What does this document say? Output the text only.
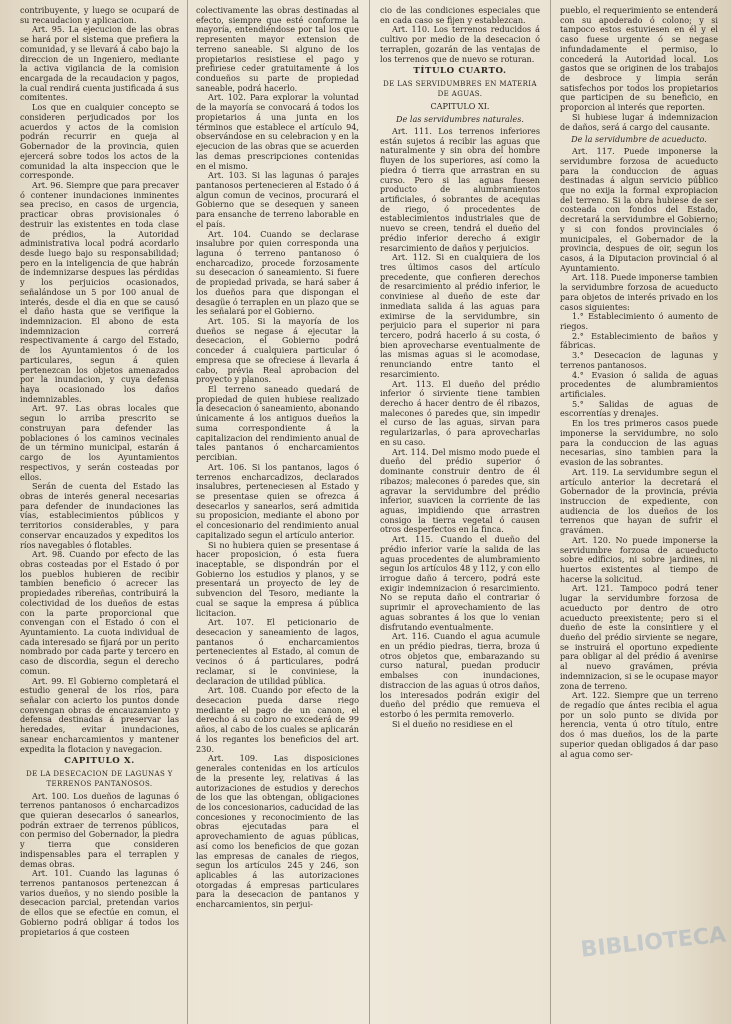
contribuyente, y luego se ocupará de su recaudacion y aplicacion.

Art. 95. La ejecucion de las obras se hará por el sistema que prefiera la comunidad, y se llevará á cabo bajo la direccion de un Ingeniero, mediante la activa vigilancia de la comision encargada de la recaudacion y pagos, la cual rendirá cuenta justificada á sus comitentes.

Los que en cualquier concepto se consideren perjudicados por los acuerdos y actos de la comision podrán recurrir en queja al Gobernador de la provincia, quien ejercerá sobre todos los actos de la comunidad la alta inspeccion que le corresponde.

Art. 96. Siempre que para precaver ó contener inundaciones inminentes sea preciso, en casos de urgencia, practicar obras provisionales ó destruir las existentes en toda clase de prédios, la Autoridad administrativa local podrá acordarlo desde luego bajo su responsabilidad; pero en la inteligencia de que habrán de indemnizarse despues las pérdidas y los perjuicios ocasionados, señalándose un 5 por 100 anual de interés, desde el dia en que se causó el daño hasta que se verifique la indemnizacion. El abono de esta indemnizacion correrá respectivamente á cargo del Estado, de los Ayuntamientos ó de los particulares, segun á quien pertenezcan los objetos amenazados por la inundacion, y cuya defensa haya ocasionado los daños indemnizables.

Art. 97. Las obras locales que segun lo arriba prescrito se construyan para defender las poblaciones ó los caminos vecinales de un término municipal, estarán á cargo de los Ayuntamientos respectivos, y serán costeadas por ellos.

Serán de cuenta del Estado las obras de interés general necesarias para defender de inundaciones las vías, establecimientos públicos y territorios considerables, y para conservar encauzados y expeditos los ríos navegables ó flotables.

Art. 98. Cuando por efecto de las obras costeadas por el Estado ó por los pueblos hubieren de recibir tambien beneficio ó acrecer las propiedades ribereñas, contribuirá la colectividad de los dueños de estas con la parte proporcional que convengan con el Estado ó con el Ayuntamiento. La cuota individual de cada interesado se fijará por un perito nombrado por cada parte y tercero en caso de discordia, segun el derecho comun.

Art. 99. El Gobierno completará el estudio general de los ríos, para señalar con acierto los puntos donde convengan obras de encauzamiento y defensa destinadas á preservar las heredades, evitar inundaciones, sanear encharcamientos y mantener expedita la flotacion y navegacion.

CAPITULO X.

DE LA DESECACION DE LAGUNAS Y TERRENOS PANTANOSOS.

Art. 100. Los dueños de lagunas ó terrenos pantanosos ó encharcadizos que quieran desecarlos ó sanearlos, podrán extraer de terrenos públicos, con permiso del Gobernador, la piedra y tierra que consideren indispensables para el terraplen y demas obras.

Art. 101. Cuando las lagunas ó terrenos pantanosos pertenezcan á varios dueños, y no siendo posible la desecacion parcial, pretendan varios de ellos que se efectúe en comun, el Gobierno podrá obligar á todos los propietarios á que costeen

colectivamente las obras destinadas al efecto, siempre que esté conforme la mayoría, entendiéndose por tal los que representen mayor extension de terreno saneable. Si alguno de los propietarios resistiese el pago y prefiriese ceder gratuitamente á los condueños su parte de propiedad saneable, podrá hacerlo.

Art. 102. Para explorar la voluntad de la mayoría se convocará á todos los propietarios á una junta en los términos que establece el artículo 94, observándose en su celebracion y en la ejecucion de las obras que se acuerden las demas prescripciones contenidas en el mismo.

Art. 103. Si las lagunas ó parajes pantanosos pertenecieren al Estado ó á algun comun de vecinos, procurará el Gobierno que se desequen y saneen para ensanche de terreno laborable en el país.

Art. 104. Cuando se declarase insalubre por quien corresponda una laguna ó terreno pantanoso ó encharcadizo, procede forzosamente su desecacion ó saneamiento. Si fuere de propiedad privada, se hará saber á los dueños para que dispongan el desagüe ó terraplen en un plazo que se les señalará por el Gobierno.

Art. 105. Si la mayoría de los dueños se negase á ejecutar la desecacion, el Gobierno podrá conceder á cualquiera particular ó empresa que se ofreciese á llevarla á cabo, prévia Real aprobacion del proyecto y planos.

El terreno saneado quedará de propiedad de quien hubiese realizado la desecacion ó saneamiento, abonando únicamente á los antiguos dueños la suma correspondiente á la capitalizacion del rendimiento anual de tales pantanos ó encharcamientos percibian.

Art. 106. Si los pantanos, lagos ó terrenos encharcadizos, declarados insalubres, perteneciesen al Estado y se presentase quien se ofrezca á desecarlos y sanearlos, será admitida su proposicion, mediante el abono por el concesionario del rendimiento anual capitalizado segun el artículo anterior.

Si no hubiera quien se presentase á hacer proposicion, ó esta fuera inaceptable, se dispondrán por el Gobierno los estudios y planos, y se presentará un proyecto de ley de subvencion del Tesoro, mediante la cual se saque la empresa á pública licitacion.

Art. 107. El peticionario de desecacion y saneamiento de lagos, pantanos ó encharcamientos pertenecientes al Estado, al comun de vecinos ó á particulares, podrá reclamar, si le conviniese, la declaracion de utilidad pública.

Art. 108. Cuando por efecto de la desecacion pueda darse riego mediante el pago de un canon, el derecho á su cobro no excederá de 99 años, al cabo de los cuales se aplicarán á los regantes los beneficios del art. 230.

Art. 109. Las disposiciones generales contenidas en los artículos de la presente ley, relativas á las autorizaciones de estudios y derechos de los que las obtengan, obligaciones de los concesionarios, caducidad de las concesiones y reconocimiento de las obras ejecutadas para el aprovechamiento de aguas públicas, así como los beneficios de que gozan las empresas de canales de riegos, segun los artículos 245 y 246, son aplicables á las autorizaciones otorgadas á empresas particulares para la desecacion de pantanos y encharcamientos, sin perjui-

cio de las condiciones especiales que en cada caso se fijen y establezcan.

Art. 110. Los terrenos reducidos á cultivo por medio de la desecacion ó terraplen, gozarán de las ventajas de los terrenos que de nuevo se roturan.

TÍTULO CUARTO.

DE LAS SERVIDUMBRES EN MATERIA DE AGUAS.

CAPITULO XI.

De las servidumbres naturales.

Art. 111. Los terrenos inferiores están sujetos á recibir las aguas que naturalmente y sin obra del hombre fluyen de los superiores, así como la piedra ó tierra que arrastran en su curso. Pero si las aguas fuesen producto de alumbramientos artificiales, ó sobrantes de acequias de riego, ó procedentes de establecimientos industriales que de nuevo se creen, tendrá el dueño del prédio inferior derecho á exigir resarcimiento de daños y perjuicios.

Art. 112. Si en cualquiera de los tres últimos casos del artículo precedente, que confieren derechos de resarcimiento al prédio inferior, le conviniese al dueño de este dar inmediata salida á las aguas para eximirse de la servidumbre, sin perjuicio para el superior ni para tercero, podrá hacerlo á su costa, ó bien aprovecharse eventualmente de las mismas aguas si le acomodase, renunciando entre tanto el resarcimiento.

Art. 113. El dueño del prédio inferior ó sirviente tiene tambien derecho á hacer dentro de él ribazos, malecones ó paredes que, sin impedir el curso de las aguas, sirvan para regularizarlas, ó para aprovecharlas en su caso.

Art. 114. Del mismo modo puede el dueño del prédio superior ó dominante construir dentro de él ribazos; malecones ó paredes que, sin agravar la servidumbre del prédio inferior, suavicen la corriente de las aguas, impidiendo que arrastren consigo la tierra vegetal ó causen otros desperfectos en la finca.

Art. 115. Cuando el dueño del prédio inferior varíe la salida de las aguas procedentes de alumbramiento segun los artículos 48 y 112, y con ello irrogue daño á tercero, podrá este exigir indemnizacion ó resarcimiento. No se reputa daño el contrariar ó suprimir el aprovechamiento de las aguas sobrantes á los que lo venian disfrutando eventualmente.

Art. 116. Cuando el agua acumule en un prédio piedras, tierra, broza ú otros objetos que, embarazando su curso natural, puedan producir embalses con inundaciones, distraccion de las aguas ú otros daños, los interesados podrán exigir del dueño del prédio que remueva el estorbo ó les permita removerlo.

Si el dueño no residiese en el

pueblo, el requerimiento se entenderá con su apoderado ó colono; y si tampoco estos estuviesen en él y el caso fuese urgente ó se negase infundadamente el permiso, lo concederá la Autoridad local. Los gastos que se originen de los trabajos de desbroce y limpia serán satisfechos por todos los propietarios que participen de su beneficio, en proporcion al interés que reporten.

Si hubiese lugar á indemnizacion de daños, será á cargo del causante.

De la servidumbre de acueducto.

Art. 117. Puede imponerse la servidumbre forzosa de acueducto para la conduccion de aguas destinadas á algun servicio público que no exija la formal expropiacion del terreno. Si la obra hubiese de ser costeada con fondos del Estado, decretará la servidumbre el Gobierno; y si con fondos provinciales ó municipales, el Gobernador de la provincia, despues de oir, segun los casos, á la Diputacion provincial ó al Ayuntamiento.

Art. 118. Puede imponerse tambien la servidumbre forzosa de acueducto para objetos de interés privado en los casos siguientes:

1.° Establecimiento ó aumento de riegos.

2.° Establecimiento de baños y fábricas.

3.° Desecacion de lagunas y terrenos pantanosos.

4.° Evasion ó salida de aguas procedentes de alumbramientos artificiales.

5.° Salidas de aguas de escorrentías y drenajes.

En los tres primeros casos puede imponerse la servidumbre, no solo para la conduccion de las aguas necesarias, sino tambien para la evasion de las sobrantes.

Art. 119. La servidumbre segun el artículo anterior la decretará el Gobernador de la provincia, prévia instruccion de expediente, con audiencia de los dueños de los terrenos que hayan de sufrir el gravámen.

Art. 120. No puede imponerse la servidumbre forzosa de acueducto sobre edificios, ni sobre jardines, ni huertos existentes al tiempo de hacerse la solicitud.

Art. 121. Tampoco podrá tener lugar la servidumbre forzosa de acueducto por dentro de otro acueducto preexistente; pero si el dueño de este la consintiere y el dueño del prédio sirviente se negare, se instruirá el oportuno expediente para obligar al del prédio á avenirse al nuevo gravámen, prévia indemnizacion, si se le ocupase mayor zona de terreno.

Art. 122. Siempre que un terreno de regadío que ántes recibia el agua por un solo punto se divida por herencia, venta ú otro título, entre dos ó mas dueños, los de la parte superior quedan obligados á dar paso al agua como ser-

BIBLIOTECA
